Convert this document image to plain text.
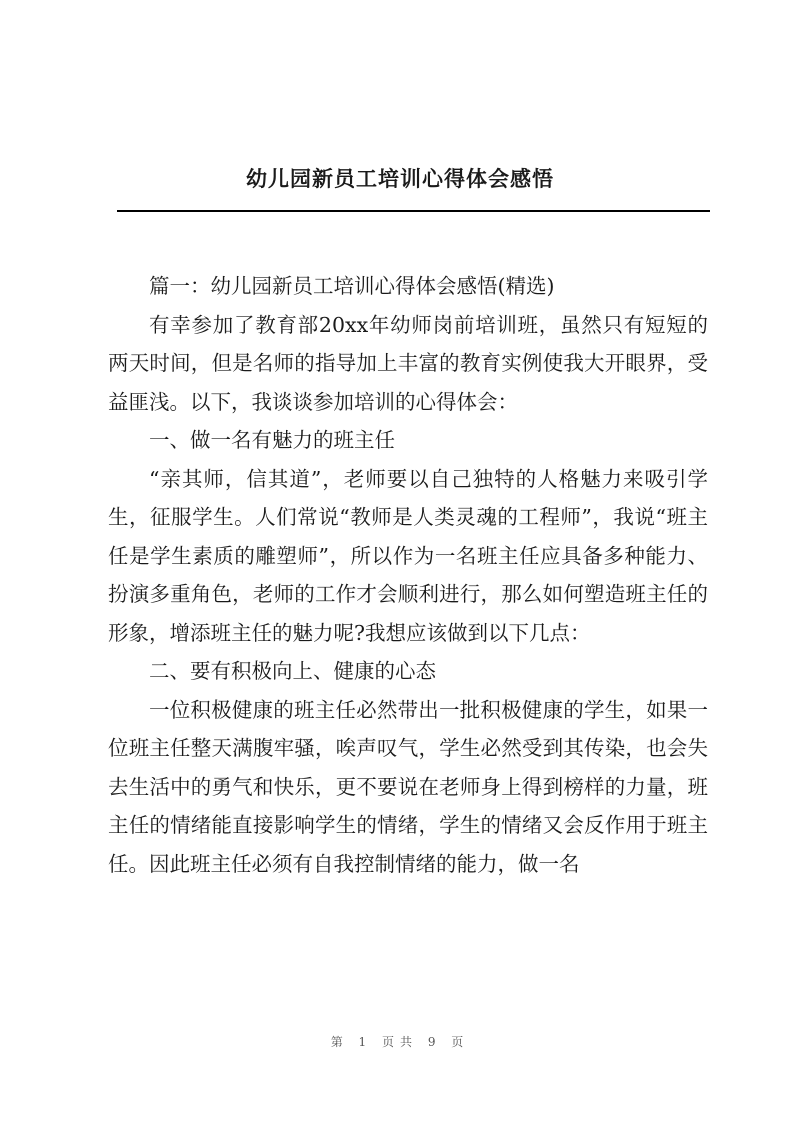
幼儿园新员工培训心得体会感悟

篇一：幼儿园新员工培训心得体会感悟(精选)

有幸参加了教育部20xx年幼师岗前培训班，虽然只有短短的两天时间，但是名师的指导加上丰富的教育实例使我大开眼界，受益匪浅。以下，我谈谈参加培训的心得体会：

一、做一名有魅力的班主任

“亲其师，信其道”，老师要以自己独特的人格魅力来吸引学生，征服学生。人们常说“教师是人类灵魂的工程师”，我说“班主任是学生素质的雕塑师”，所以作为一名班主任应具备多种能力、扮演多重角色，老师的工作才会顺利进行，那么如何塑造班主任的形象，增添班主任的魅力呢?我想应该做到以下几点：

二、要有积极向上、健康的心态

一位积极健康的班主任必然带出一批积极健康的学生，如果一位班主任整天满腹牢骚，唉声叹气，学生必然受到其传染，也会失去生活中的勇气和快乐，更不要说在老师身上得到榜样的力量，班主任的情绪能直接影响学生的情绪，学生的情绪又会反作用于班主任。因此班主任必须有自我控制情绪的能力，做一名

第 1 页共 9 页
